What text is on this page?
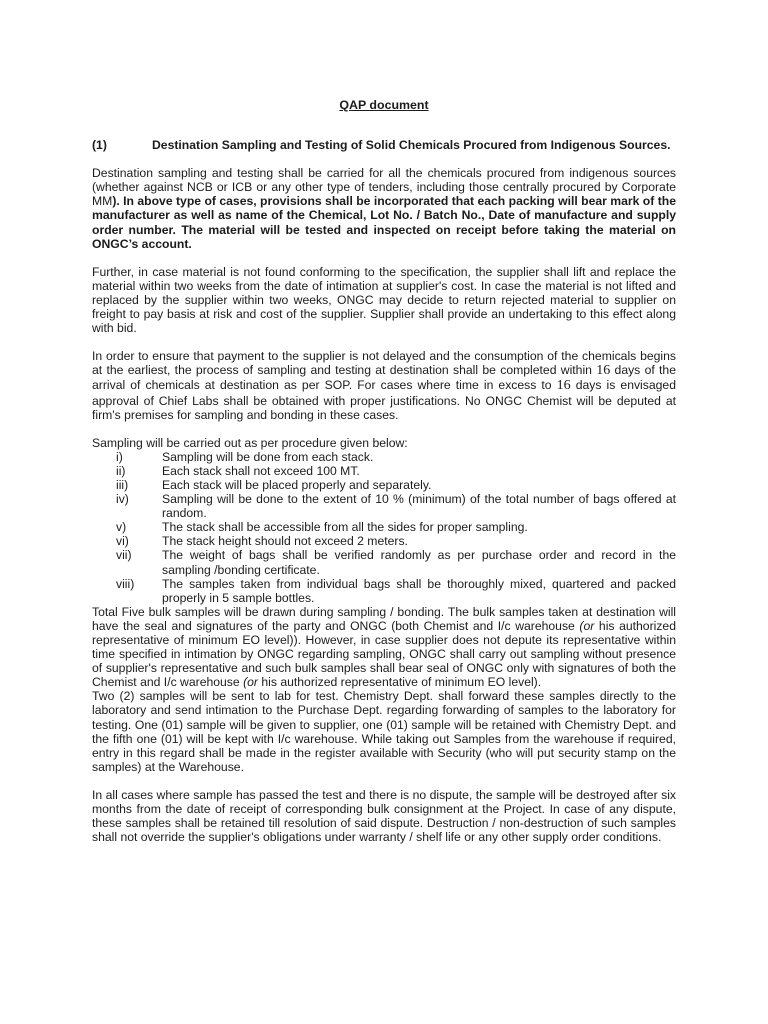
QAP document
(1)	Destination Sampling and Testing of Solid Chemicals Procured from Indigenous Sources.

Destination sampling and testing shall be carried for all the chemicals procured from indigenous sources (whether against NCB or ICB or any other type of tenders, including those centrally procured by Corporate MM). In above type of cases, provisions shall be incorporated that each packing will bear mark of the manufacturer as well as name of the Chemical, Lot No. / Batch No., Date of manufacture and supply order number. The material will be tested and inspected on receipt before taking the material on ONGC’s account.

Further, in case material is not found conforming to the specification, the supplier shall lift and replace the material within two weeks from the date of intimation at supplier's cost. In case the material is not lifted and replaced by the supplier within two weeks, ONGC may decide to return rejected material to supplier on freight to pay basis at risk and cost of the supplier. Supplier shall provide an undertaking to this effect along with bid.

In order to ensure that payment to the supplier is not delayed and the consumption of the chemicals begins at the earliest, the process of sampling and testing at destination shall be completed within 16 days of the arrival of chemicals at destination as per SOP. For cases where time in excess to 16 days is envisaged approval of Chief Labs shall be obtained with proper justifications. No ONGC Chemist will be deputed at firm's premises for sampling and bonding in these cases.

Sampling will be carried out as per procedure given below:

i)	Sampling will be done from each stack.
ii)	Each stack shall not exceed 100 MT.
iii)	Each stack will be placed properly and separately.
iv)	Sampling will be done to the extent of 10 % (minimum) of the total number of bags offered at random.
v)	The stack shall be accessible from all the sides for proper sampling.
vi)	The stack height should not exceed 2 meters.
vii)	The weight of bags shall be verified randomly as per purchase order and record in the sampling /bonding certificate.
viii)	The samples taken from individual bags shall be thoroughly mixed, quartered and packed properly in 5 sample bottles.

Total Five bulk samples will be drawn during sampling / bonding. The bulk samples taken at destination will have the seal and signatures of the party and ONGC (both Chemist and I/c warehouse (or his authorized representative of minimum EO level)). However, in case supplier does not depute its representative within time specified in intimation by ONGC regarding sampling, ONGC shall carry out sampling without presence of supplier's representative and such bulk samples shall bear seal of ONGC only with signatures of both the Chemist and I/c warehouse (or his authorized representative of minimum EO level).

Two (2) samples will be sent to lab for test. Chemistry Dept. shall forward these samples directly to the laboratory and send intimation to the Purchase Dept. regarding forwarding of samples to the laboratory for testing. One (01) sample will be given to supplier, one (01) sample will be retained with Chemistry Dept. and the fifth one (01) will be kept with I/c warehouse. While taking out Samples from the warehouse if required, entry in this regard shall be made in the register available with Security (who will put security stamp on the samples) at the Warehouse.

In all cases where sample has passed the test and there is no dispute, the sample will be destroyed after six months from the date of receipt of corresponding bulk consignment at the Project. In case of any dispute, these samples shall be retained till resolution of said dispute. Destruction / non-destruction of such samples shall not override the supplier's obligations under warranty / shelf life or any other supply order conditions.
